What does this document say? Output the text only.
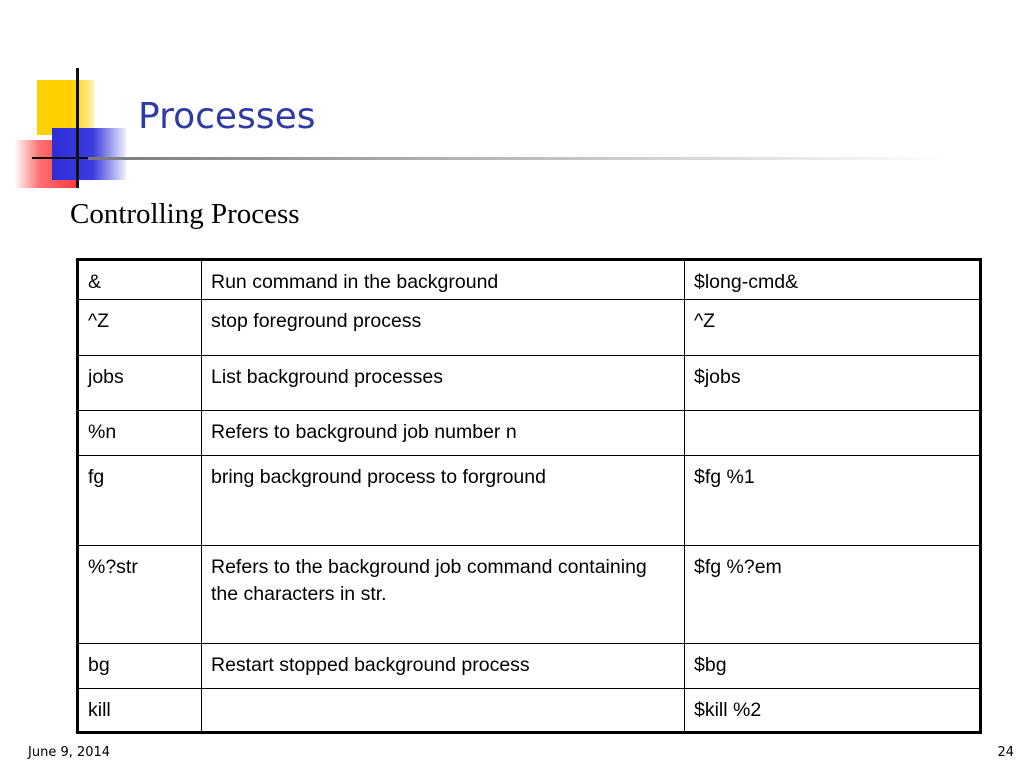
Processes
Controlling Process
&	Run command in the background	$long-cmd&
^Z	stop foreground process	^Z
jobs	List background processes	$jobs
%n	Refers to background job number n	
fg	bring background process to forground	$fg %1
%?str	Refers to the background job command containing the characters in str.	$fg %?em
bg	Restart stopped background process	$bg
kill		$kill %2
June 9, 2014	24
